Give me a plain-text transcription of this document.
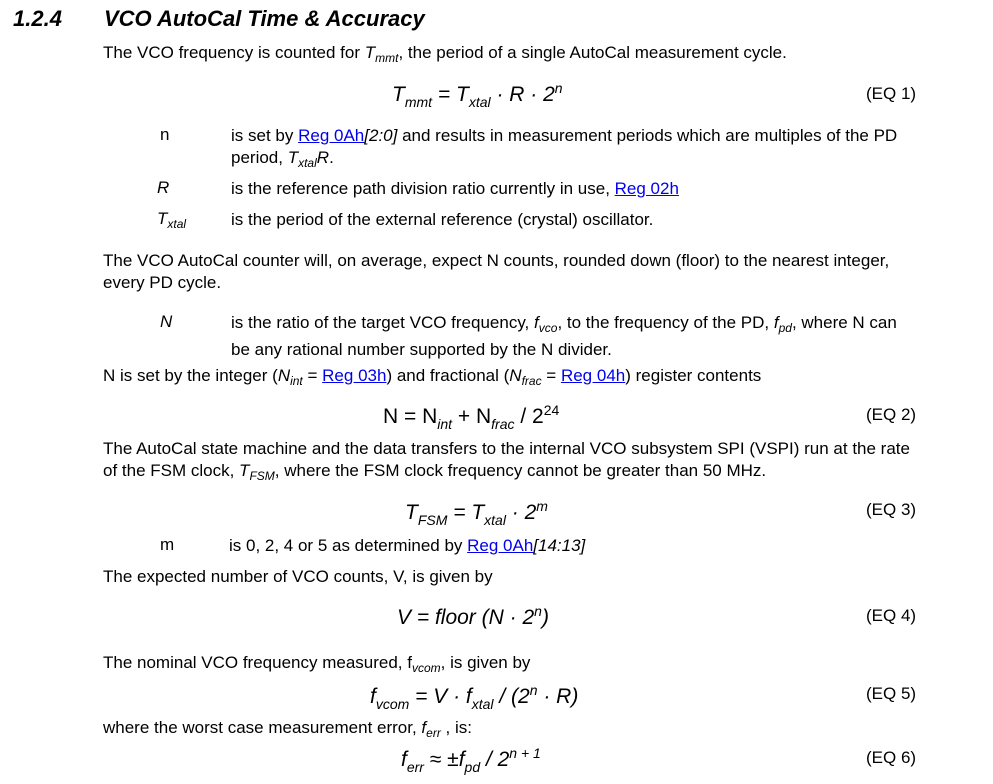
1.2.4 VCO AutoCal Time & Accuracy
The VCO frequency is counted for $T_{mmt}$, the period of a single AutoCal measurement cycle.
$T_{mmt} = T_{xtal} \cdot R \cdot 2^n$	(EQ 1)
n	is set by Reg 0Ah[2:0] and results in measurement periods which are multiples of the PD
period, $T_{xtal}R$.
R	is the reference path division ratio currently in use, Reg 02h
$T_{xtal}$	is the period of the external reference (crystal) oscillator.
The VCO AutoCal counter will, on average, expect N counts, rounded down (floor) to the nearest integer,
every PD cycle.
N	is the ratio of the target VCO frequency, $f_{vco}$, to the frequency of the PD, $f_{pd}$, where N can
be any rational number supported by the N divider.
N is set by the integer ($N_{int}$ = Reg 03h) and fractional ($N_{frac}$ = Reg 04h) register contents
$N = N_{int} + N_{frac} / 2^{24}$	(EQ 2)
The AutoCal state machine and the data transfers to the internal VCO subsystem SPI (VSPI) run at the rate
of the FSM clock, $T_{FSM}$, where the FSM clock frequency cannot be greater than 50 MHz.
$T_{FSM} = T_{xtal} \cdot 2^m$	(EQ 3)
m	is 0, 2, 4 or 5 as determined by Reg 0Ah[14:13]
The expected number of VCO counts, V, is given by
V = floor $(N \cdot 2^n)$	(EQ 4)
The nominal VCO frequency measured, $f_{vcom}$, is given by
$f_{vcom} = V \cdot f_{xtal} / (2^n \cdot R)$	(EQ 5)
where the worst case measurement error, $f_{err}$ , is:
$f_{err} \approx \pm f_{pd} / 2^{n + 1}$	(EQ 6)
